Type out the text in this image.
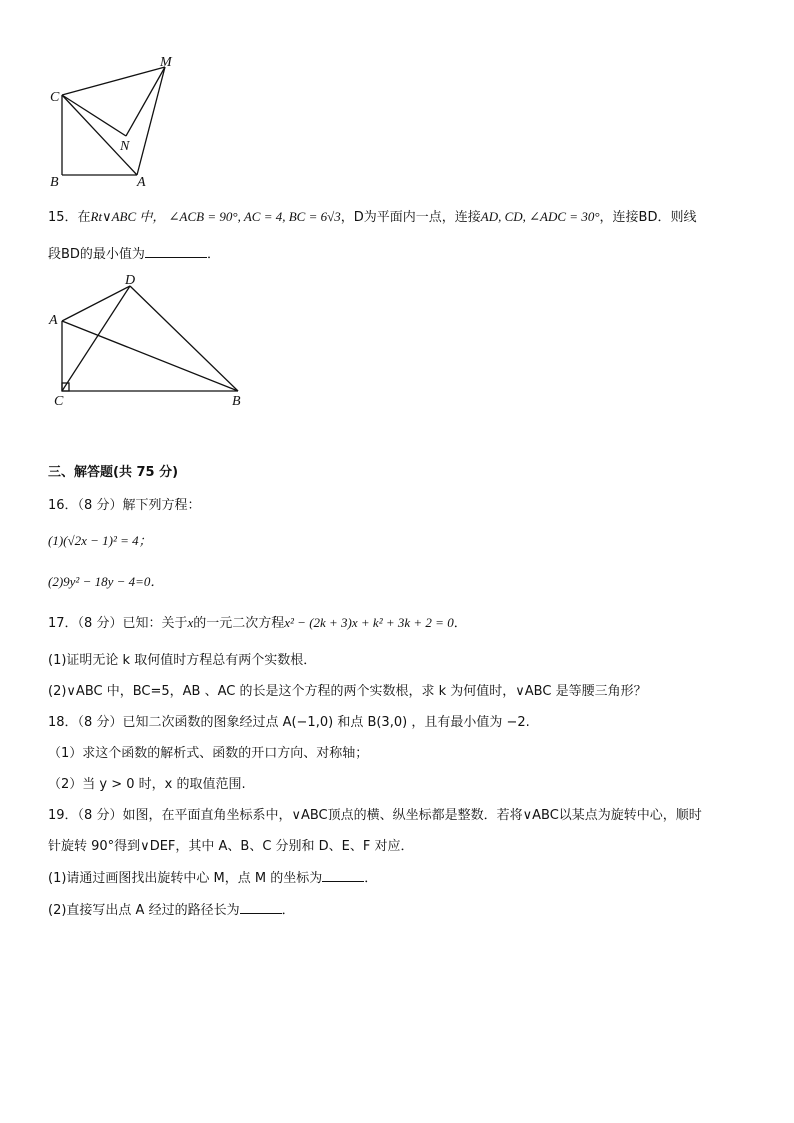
M
C
N
B	A
15．在Rt∨ABC 中， ∠ACB = 90°, AC = 4, BC = 6√3，D为平面内一点，连接AD, CD, ∠ADC = 30°，连接BD．则线
段BD的最小值为	．
D
A
C	B
三、解答题(共 75 分)
16．（8 分）解下列方程：
(1)(√2x − 1)² = 4；
(2)9y² − 18y − 4=0．
17．（8 分）已知：关于x的一元二次方程x² − (2k + 3)x + k² + 3k + 2 = 0．
(1)证明无论 k 取何值时方程总有两个实数根．
(2)∨ABC 中，BC=5，AB 、AC 的长是这个方程的两个实数根，求 k 为何值时，∨ABC 是等腰三角形？
18．（8 分）已知二次函数的图象经过点 A(−1,0) 和点 B(3,0) ，且有最小值为 −2.
（1）求这个函数的解析式、函数的开口方向、对称轴；
（2）当 y > 0 时，x 的取值范围.
19．（8 分）如图，在平面直角坐标系中，∨ABC顶点的横、纵坐标都是整数．若将∨ABC以某点为旋转中心，顺时
针旋转 90°得到∨DEF，其中 A、B、C 分别和 D、E、F 对应．
(1)请通过画图找出旋转中心 M，点 M 的坐标为	．
(2)直接写出点 A 经过的路径长为	．
